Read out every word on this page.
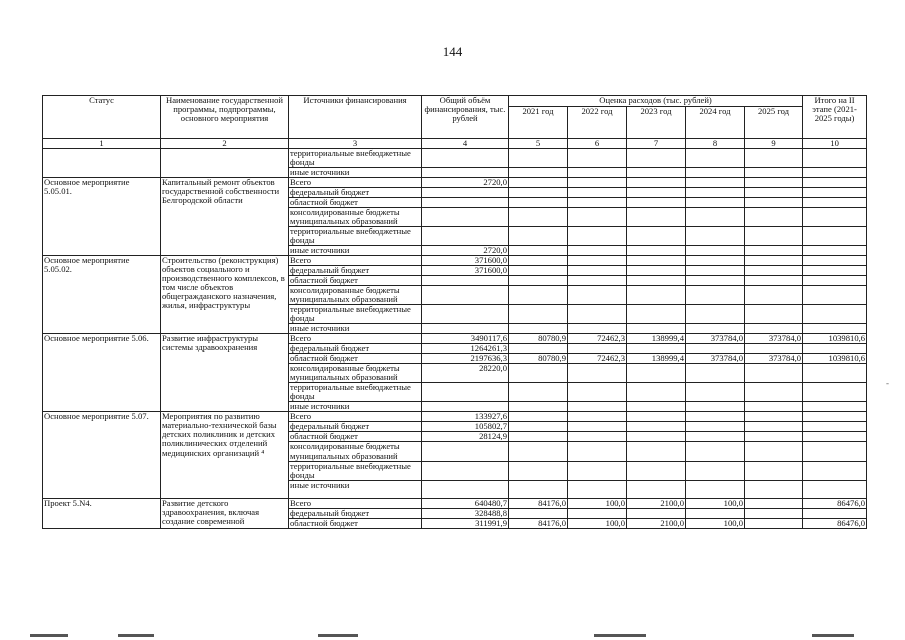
144
Статус	Наименование государственной программы, подпрограммы, основного мероприятия	Источники финансирования	Общий объём финансирования, тыс. рублей	Оценка расходов (тыс. рублей)					Итого на II этапе (2021-2025 годы)
				2021 год	2022 год	2023 год	2024 год	2025 год	
1	2	3	4	5	6	7	8	9	10
		территориальные внебюджетные фонды							
		иные источники							
Основное мероприятие 5.05.01.	Капитальный ремонт объектов государственной собственности Белгородской области	Всего	2720,0						
		федеральный бюджет							
		областной бюджет							
		консолидированные бюджеты муниципальных образований							
		территориальные внебюджетные фонды							
		иные источники	2720,0						
Основное мероприятие 5.05.02.	Строительство (реконструкция) объектов социального и производственного комплексов, в том числе объектов общегражданского назначения, жилья, инфраструктуры	Всего	371600,0						
		федеральный бюджет	371600,0						
		областной бюджет							
		консолидированные бюджеты муниципальных образований							
		территориальные внебюджетные фонды							
		иные источники							
Основное мероприятие 5.06.	Развитие инфраструктуры системы здравоохранения	Всего	3490117,6	80780,9	72462,3	138999,4	373784,0	373784,0	1039810,6
		федеральный бюджет	1264261,3						
		областной бюджет	2197636,3	80780,9	72462,3	138999,4	373784,0	373784,0	1039810,6
		консолидированные бюджеты муниципальных образований	28220,0						
		территориальные внебюджетные фонды							
		иные источники							
Основное мероприятие 5.07.	Мероприятия по развитию материально-технической базы детских поликлиник и детских поликлинических отделений медицинских организаций ⁴	Всего	133927,6						
		федеральный бюджет	105802,7						
		областной бюджет	28124,9						
		консолидированные бюджеты муниципальных образований							
		территориальные внебюджетные фонды							
		иные источники							
Проект 5.N4.	Развитие детского здравоохранения, включая создание современной	Всего	640480,7	84176,0	100,0	2100,0	100,0		86476,0
		федеральный бюджет	328488,8						
		областной бюджет	311991,9	84176,0	100,0	2100,0	100,0		86476,0
-
